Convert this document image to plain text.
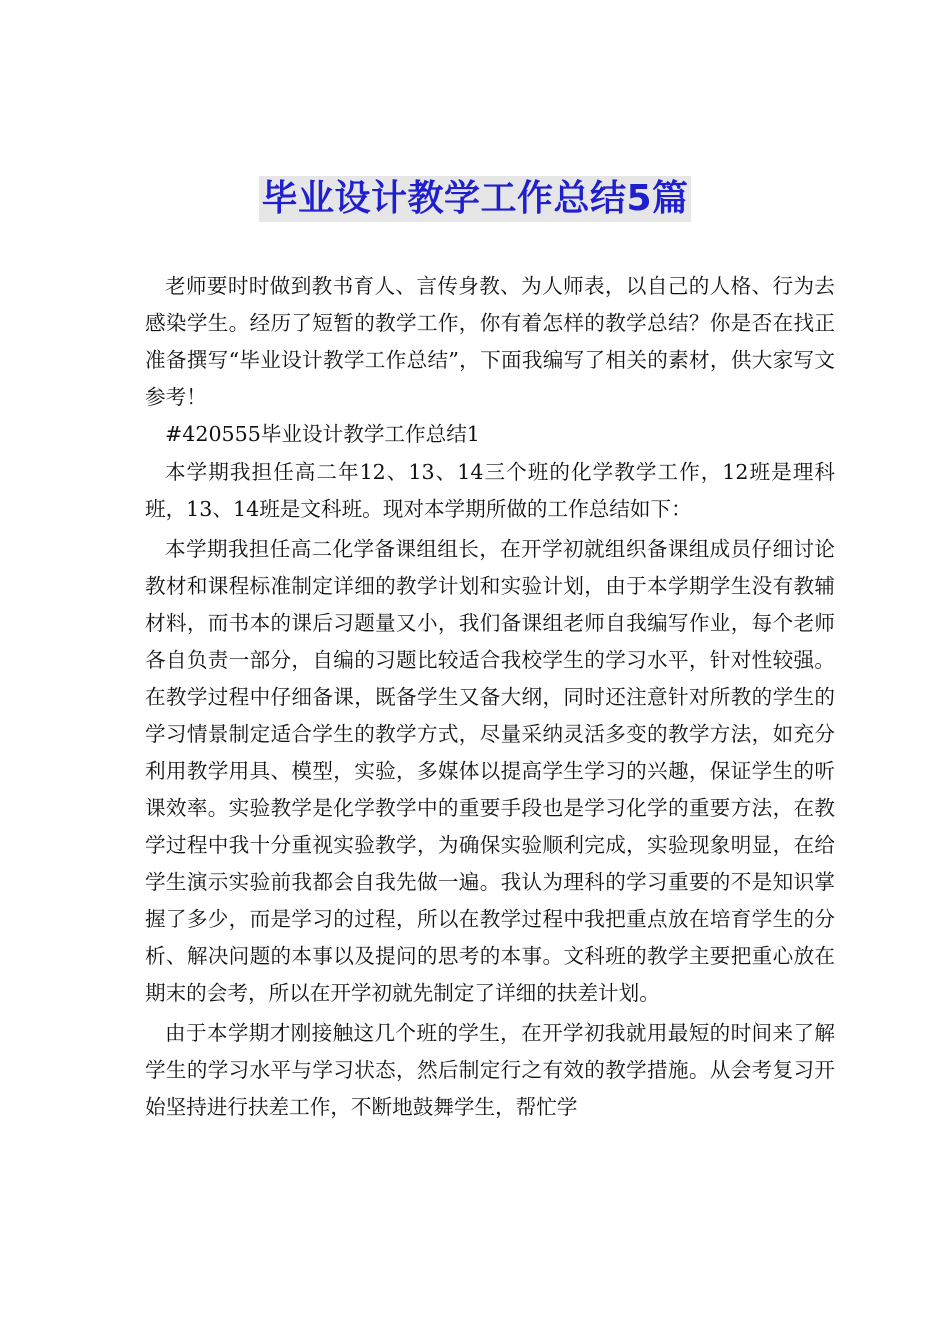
毕业设计教学工作总结5篇

老师要时时做到教书育人、言传身教、为人师表，以自己的人格、行为去感染学生。经历了短暂的教学工作，你有着怎样的教学总结？你是否在找正准备撰写“毕业设计教学工作总结”，下面我编写了相关的素材，供大家写文参考！

#420555毕业设计教学工作总结1

本学期我担任高二年12、13、14三个班的化学教学工作，12班是理科班，13、14班是文科班。现对本学期所做的工作总结如下：

本学期我担任高二化学备课组组长，在开学初就组织备课组成员仔细讨论教材和课程标准制定详细的教学计划和实验计划，由于本学期学生没有教辅材料，而书本的课后习题量又小，我们备课组老师自我编写作业，每个老师各自负责一部分，自编的习题比较适合我校学生的学习水平，针对性较强。在教学过程中仔细备课，既备学生又备大纲，同时还注意针对所教的学生的学习情景制定适合学生的教学方式，尽量采纳灵活多变的教学方法，如充分利用教学用具、模型，实验，多媒体以提高学生学习的兴趣，保证学生的听课效率。实验教学是化学教学中的重要手段也是学习化学的重要方法，在教学过程中我十分重视实验教学，为确保实验顺利完成，实验现象明显，在给学生演示实验前我都会自我先做一遍。我认为理科的学习重要的不是知识掌握了多少，而是学习的过程，所以在教学过程中我把重点放在培育学生的分析、解决问题的本事以及提问的思考的本事。文科班的教学主要把重心放在期末的会考，所以在开学初就先制定了详细的扶差计划。

由于本学期才刚接触这几个班的学生，在开学初我就用最短的时间来了解学生的学习水平与学习状态，然后制定行之有效的教学措施。从会考复习开始坚持进行扶差工作，不断地鼓舞学生，帮忙学
